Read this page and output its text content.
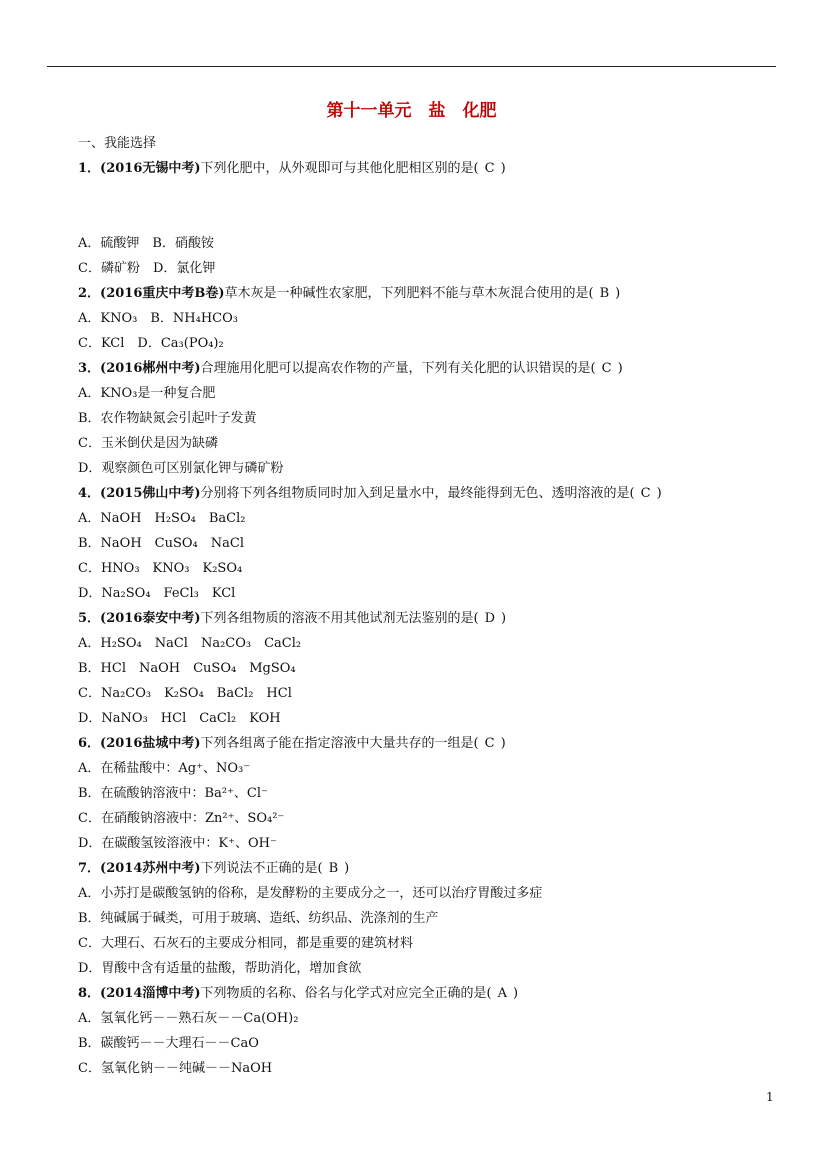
第十一单元　盐　化肥
一、我能选择
1．(2016无锡中考)下列化肥中，从外观即可与其他化肥相区别的是( C )
A．硫酸钾　B．硝酸铵
C．磷矿粉　D．氯化钾
2．(2016重庆中考B卷)草木灰是一种碱性农家肥，下列肥料不能与草木灰混合使用的是( B )
A．KNO₃　B．NH₄HCO₃
C．KCl　D．Ca₃(PO₄)₂
3．(2016郴州中考)合理施用化肥可以提高农作物的产量，下列有关化肥的认识错误的是( C )
A．KNO₃是一种复合肥
B．农作物缺氮会引起叶子发黄
C．玉米倒伏是因为缺磷
D．观察颜色可区别氯化钾与磷矿粉
4．(2015佛山中考)分别将下列各组物质同时加入到足量水中，最终能得到无色、透明溶液的是( C )
A．NaOH　H₂SO₄　BaCl₂
B．NaOH　CuSO₄　NaCl
C．HNO₃　KNO₃　K₂SO₄
D．Na₂SO₄　FeCl₃　KCl
5．(2016泰安中考)下列各组物质的溶液不用其他试剂无法鉴别的是( D )
A．H₂SO₄　NaCl　Na₂CO₃　CaCl₂
B．HCl　NaOH　CuSO₄　MgSO₄
C．Na₂CO₃　K₂SO₄　BaCl₂　HCl
D．NaNO₃　HCl　CaCl₂　KOH
6．(2016盐城中考)下列各组离子能在指定溶液中大量共存的一组是( C )
A．在稀盐酸中：Ag⁺、NO₃⁻
B．在硫酸钠溶液中：Ba²⁺、Cl⁻
C．在硝酸钠溶液中：Zn²⁺、SO₄²⁻
D．在碳酸氢铵溶液中：K⁺、OH⁻
7．(2014苏州中考)下列说法不正确的是( B )
A．小苏打是碳酸氢钠的俗称，是发酵粉的主要成分之一，还可以治疗胃酸过多症
B．纯碱属于碱类，可用于玻璃、造纸、纺织品、洗涤剂的生产
C．大理石、石灰石的主要成分相同，都是重要的建筑材料
D．胃酸中含有适量的盐酸，帮助消化，增加食欲
8．(2014淄博中考)下列物质的名称、俗名与化学式对应完全正确的是( A )
A．氢氧化钙－－熟石灰－－Ca(OH)₂
B．碳酸钙－－大理石－－CaO
C．氢氧化钠－－纯碱－－NaOH
1
